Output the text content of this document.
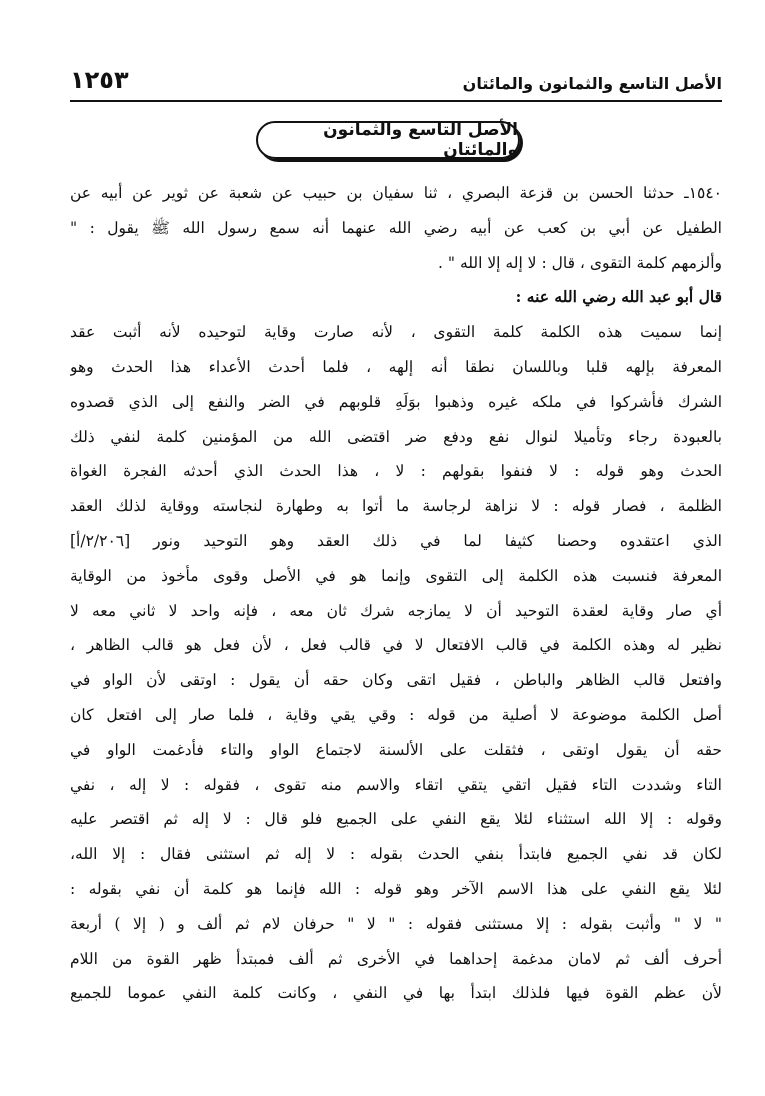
الأصل التاسع والثمانون والمائتان
١٢٥٣
الأصل التاسع والثمانون والمائتان
١٥٤٠ـ حدثنا الحسن بن قزعة البصري ، ثنا سفيان بن حبيب عن شعبة عن ثوير عن أبيه عن
الطفيل عن أبي بن كعب عن أبيه رضي الله عنهما أنه سمع رسول الله ﷺ يقول : "
وألزمهم كلمة التقوى ، قال : لا إله إلا الله " .
قال أبو عبد الله رضي الله عنه :
إنما سميت هذه الكلمة كلمة التقوى ، لأنه صارت وقاية لتوحيده لأنه أثبت عقد
المعرفة بإلهه قلبا وباللسان نطقا أنه إلهه ، فلما أحدث الأعداء هذا الحدث وهو
الشرك فأشركوا في ملكه غيره وذهبوا بوَلَهِ قلوبهم في الضر والنفع إلى الذي قصدوه
بالعبودة رجاء وتأميلا لنوال نفع ودفع ضر اقتضى الله من المؤمنين كلمة لنفي ذلك
الحدث وهو قوله : لا فنفوا بقولهم : لا ، هذا الحدث الذي أحدثه الفجرة الغواة
الظلمة ، فصار قوله : لا نزاهة لرجاسة ما أتوا به وطهارة لنجاسته ووقاية لذلك العقد
الذي اعتقدوه وحصنا كثيفا لما في ذلك العقد وهو التوحيد ونور [٢/٢٠٦/أ]
المعرفة فنسبت هذه الكلمة إلى التقوى وإنما هو في الأصل وقوى مأخوذ من الوقاية
أي صار وقاية لعقدة التوحيد أن لا يمازجه شرك ثان معه ، فإنه واحد لا ثاني معه لا
نظير له وهذه الكلمة في قالب الافتعال لا في قالب فعل ، لأن فعل هو قالب الظاهر ،
وافتعل قالب الظاهر والباطن ، فقيل اتقى وكان حقه أن يقول : اوتقى لأن الواو في
أصل الكلمة موضوعة لا أصلية من قوله : وقي يقي وقاية ، فلما صار إلى افتعل كان
حقه أن يقول اوتقى ، فثقلت على الألسنة لاجتماع الواو والتاء فأدغمت الواو في
التاء وشددت التاء فقيل اتقي يتقي اتقاء والاسم منه تقوى ، فقوله : لا إله ، نفي
وقوله : إلا الله استثناء لئلا يقع النفي على الجميع فلو قال : لا إله ثم اقتصر عليه
لكان قد نفي الجميع فابتدأ بنفي الحدث بقوله : لا إله ثم استثنى فقال : إلا الله،
لئلا يقع النفي على هذا الاسم الآخر وهو قوله : الله فإنما هو كلمة أن نفي بقوله :
" لا " وأثبت بقوله : إلا مستثنى فقوله : " لا " حرفان لام ثم ألف و ( إلا ) أربعة
أحرف ألف ثم لامان مدغمة إحداهما في الأخرى ثم ألف فمبتدأ ظهر القوة من اللام
لأن عظم القوة فيها فلذلك ابتدأ بها في النفي ، وكانت كلمة النفي عموما للجميع
